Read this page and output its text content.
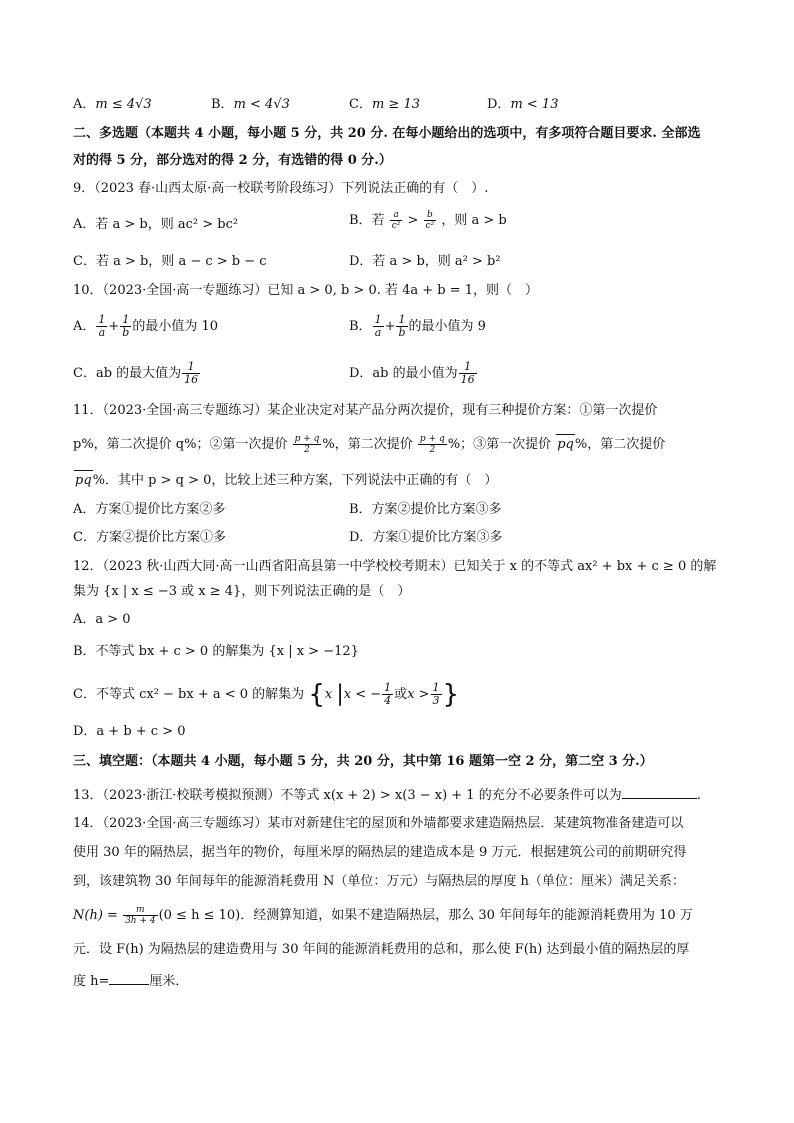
A．m ≤ 4√3	B．m < 4√3	C．m ≥ 13	D．m < 13
二、多选题（本题共 4 小题，每小题 5 分，共 20 分. 在每小题给出的选项中，有多项符合题目要求. 全部选
对的得 5 分，部分选对的得 2 分，有选错的得 0 分.）
9．（2023 春·山西太原·高一校联考阶段练习）下列说法正确的有（　）.
A．若 a > b，则 ac² > bc²	B．若 $\frac{a}{\text{c²}} > \frac{b}{\text{c²}}$ ，则 a > b
C．若 a > b，则 a − c > b − c	D．若 a > b，则 a² > b²
10．（2023·全国·高一专题练习）已知 a > 0, b > 0. 若 4a + b = 1，则（　）
A． $\frac{1}{a} + \frac{1}{b}$ 的最小值为 10	B． $\frac{1}{a} + \frac{1}{b}$ 的最小值为 9
C．ab 的最大值为 $\frac{1}{16}$	D．ab 的最小值为 $\frac{1}{16}$
11．（2023·全国·高三专题练习）某企业决定对某产品分两次提价，现有三种提价方案：①第一次提价
p%，第二次提价 q%；②第一次提价 $\frac{p + q}{2}$ %，第二次提价 $\frac{p + q}{2}$ %；③第一次提价 pq%，第二次提价
pq%．其中 p > q > 0，比较上述三种方案，下列说法中正确的有（　）
A．方案①提价比方案②多	B．方案②提价比方案③多
C．方案②提价比方案①多	D．方案①提价比方案③多
12．（2023 秋·山西大同·高一山西省阳高县第一中学校校考期末）已知关于 x 的不等式 ax² + bx + c ≥ 0 的解
集为 {x | x ≤ −3 或 x ≥ 4}，则下列说法正确的是（　）
A．a > 0
B．不等式 bx + c > 0 的解集为 {x | x > −12}
C．不等式 cx² − bx + a < 0 的解集为 {x |x < − $\frac{1}{4}$ 或$x > \frac{1}{3}$ }
D．a + b + c > 0
三、填空题：（本题共 4 小题，每小题 5 分，共 20 分，其中第 16 题第一空 2 分，第二空 3 分.）
13．（2023·浙江·校联考模拟预测）不等式 x(x + 2) > x(3 − x) + 1 的充分不必要条件可以为	.
14．（2023·全国·高三专题练习）某市对新建住宅的屋顶和外墙都要求建造隔热层．某建筑物准备建造可以
使用 30 年的隔热层，据当年的物价，每厘米厚的隔热层的建造成本是 9 万元．根据建筑公司的前期研究得
到，该建筑物 30 年间每年的能源消耗费用 N（单位：万元）与隔热层的厚度 h（单位：厘米）满足关系：
$N(h) = \frac{m}{3h + 4} (0 \le h \le 10)$．经测算知道，如果不建造隔热层，那么 30 年间每年的能源消耗费用为 10 万
元．设 F(h) 为隔热层的建造费用与 30 年间的能源消耗费用的总和，那么使 F(h) 达到最小值的隔热层的厚
度 h=	厘米．
